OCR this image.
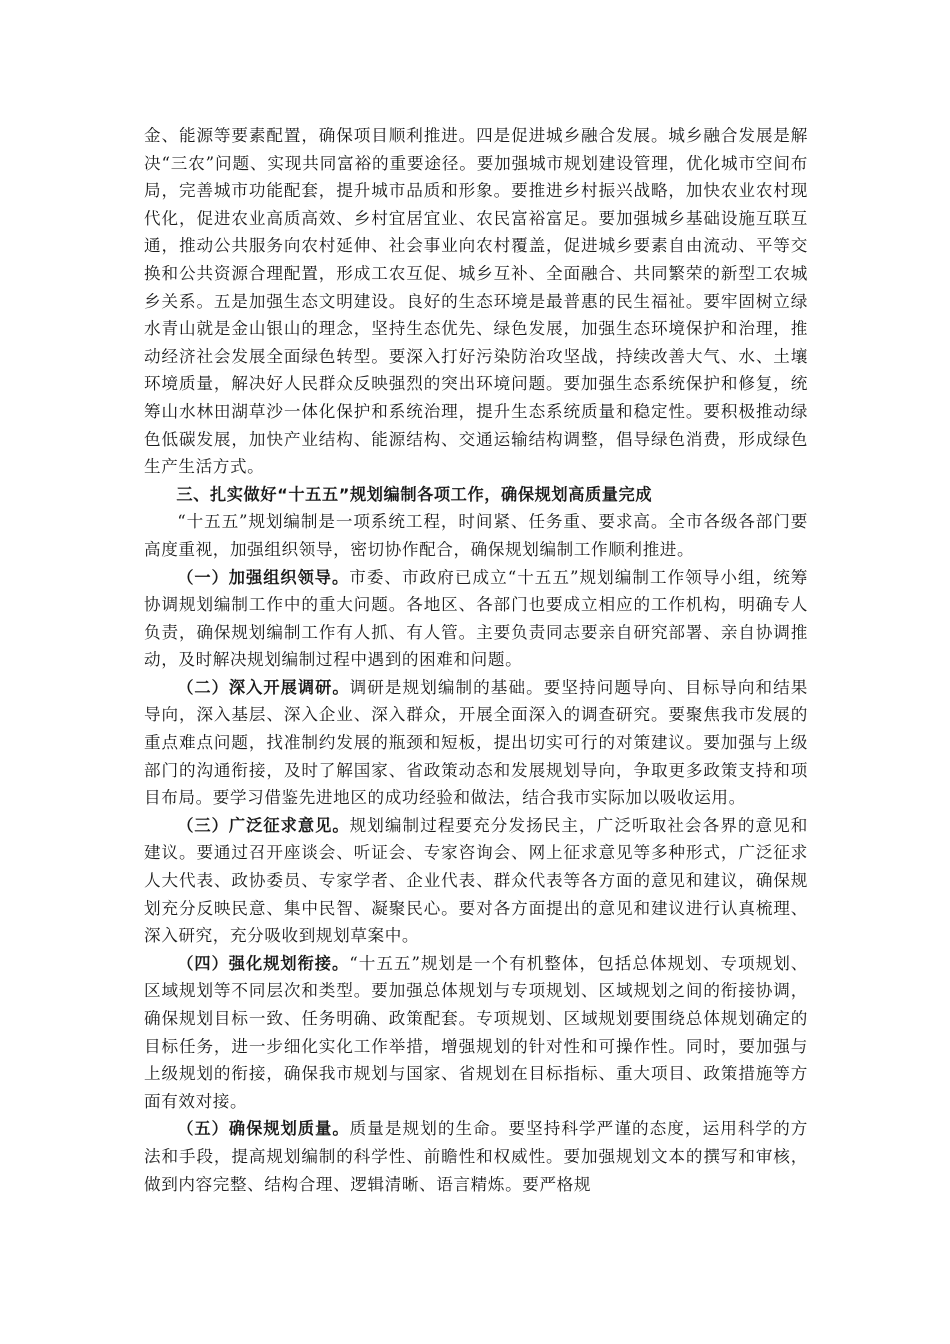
金、能源等要素配置，确保项目顺利推进。四是促进城乡融合发展。城乡融合发展是解决“三农”问题、实现共同富裕的重要途径。要加强城市规划建设管理，优化城市空间布局，完善城市功能配套，提升城市品质和形象。要推进乡村振兴战略，加快农业农村现代化，促进农业高质高效、乡村宜居宜业、农民富裕富足。要加强城乡基础设施互联互通，推动公共服务向农村延伸、社会事业向农村覆盖，促进城乡要素自由流动、平等交换和公共资源合理配置，形成工农互促、城乡互补、全面融合、共同繁荣的新型工农城乡关系。五是加强生态文明建设。良好的生态环境是最普惠的民生福祉。要牢固树立绿水青山就是金山银山的理念，坚持生态优先、绿色发展，加强生态环境保护和治理，推动经济社会发展全面绿色转型。要深入打好污染防治攻坚战，持续改善大气、水、土壤环境质量，解决好人民群众反映强烈的突出环境问题。要加强生态系统保护和修复，统筹山水林田湖草沙一体化保护和系统治理，提升生态系统质量和稳定性。要积极推动绿色低碳发展，加快产业结构、能源结构、交通运输结构调整，倡导绿色消费，形成绿色生产生活方式。

三、扎实做好“十五五”规划编制各项工作，确保规划高质量完成

“十五五”规划编制是一项系统工程，时间紧、任务重、要求高。全市各级各部门要高度重视，加强组织领导，密切协作配合，确保规划编制工作顺利推进。

（一）加强组织领导。市委、市政府已成立“十五五”规划编制工作领导小组，统筹协调规划编制工作中的重大问题。各地区、各部门也要成立相应的工作机构，明确专人负责，确保规划编制工作有人抓、有人管。主要负责同志要亲自研究部署、亲自协调推动，及时解决规划编制过程中遇到的困难和问题。

（二）深入开展调研。调研是规划编制的基础。要坚持问题导向、目标导向和结果导向，深入基层、深入企业、深入群众，开展全面深入的调查研究。要聚焦我市发展的重点难点问题，找准制约发展的瓶颈和短板，提出切实可行的对策建议。要加强与上级部门的沟通衔接，及时了解国家、省政策动态和发展规划导向，争取更多政策支持和项目布局。要学习借鉴先进地区的成功经验和做法，结合我市实际加以吸收运用。

（三）广泛征求意见。规划编制过程要充分发扬民主，广泛听取社会各界的意见和建议。要通过召开座谈会、听证会、专家咨询会、网上征求意见等多种形式，广泛征求人大代表、政协委员、专家学者、企业代表、群众代表等各方面的意见和建议，确保规划充分反映民意、集中民智、凝聚民心。要对各方面提出的意见和建议进行认真梳理、深入研究，充分吸收到规划草案中。

（四）强化规划衔接。“十五五”规划是一个有机整体，包括总体规划、专项规划、区域规划等不同层次和类型。要加强总体规划与专项规划、区域规划之间的衔接协调，确保规划目标一致、任务明确、政策配套。专项规划、区域规划要围绕总体规划确定的目标任务，进一步细化实化工作举措，增强规划的针对性和可操作性。同时，要加强与上级规划的衔接，确保我市规划与国家、省规划在目标指标、重大项目、政策措施等方面有效对接。

（五）确保规划质量。质量是规划的生命。要坚持科学严谨的态度，运用科学的方法和手段，提高规划编制的科学性、前瞻性和权威性。要加强规划文本的撰写和审核，做到内容完整、结构合理、逻辑清晰、语言精炼。要严格规
